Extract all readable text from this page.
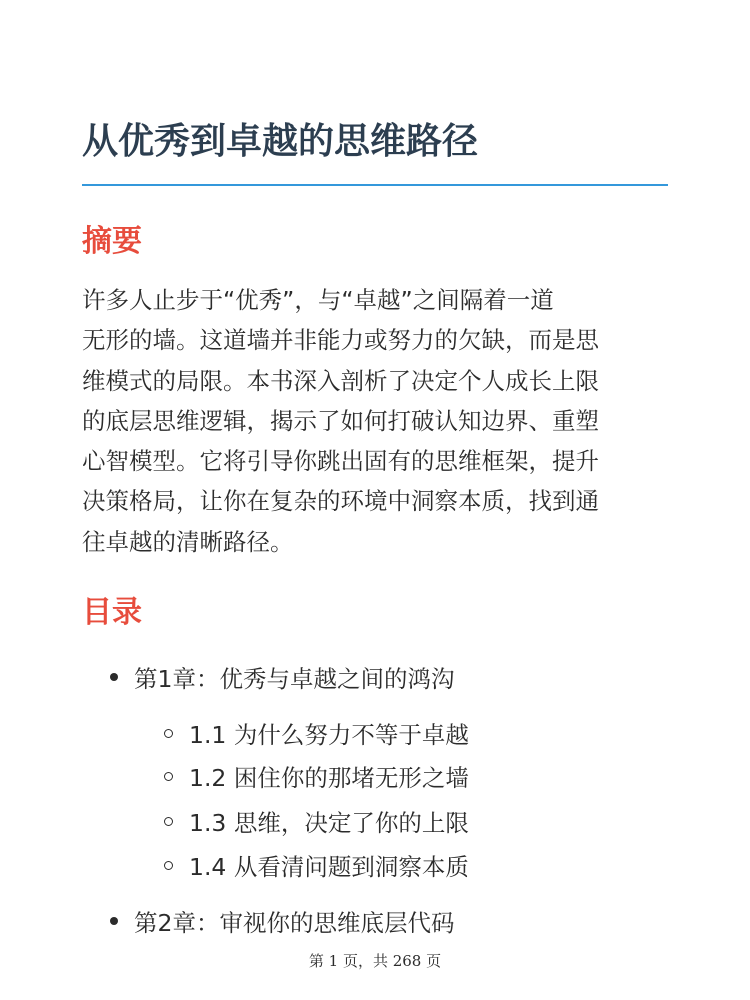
从优秀到卓越的思维路径
摘要

许多人止步于“优秀”，与“卓越”之间隔着一道
无形的墙。这道墙并非能力或努力的欠缺，而是思
维模式的局限。本书深入剖析了决定个人成长上限
的底层思维逻辑，揭示了如何打破认知边界、重塑
心智模型。它将引导你跳出固有的思维框架，提升
决策格局，让你在复杂的环境中洞察本质，找到通
往卓越的清晰路径。

目录
第1章：优秀与卓越之间的鸿沟
1.1 为什么努力不等于卓越
1.2 困住你的那堵无形之墙
1.3 思维，决定了你的上限
1.4 从看清问题到洞察本质
第2章：审视你的思维底层代码
第 1 页，共 268 页
